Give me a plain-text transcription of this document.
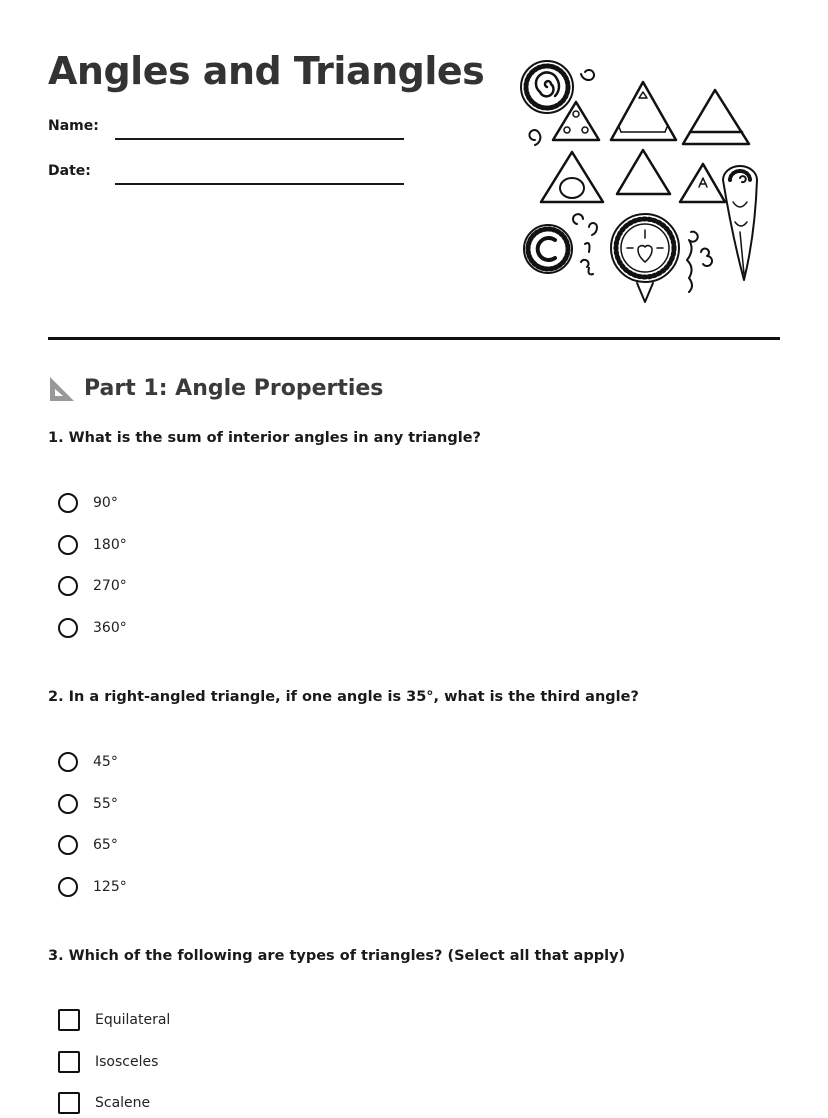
Angles and Triangles
Name:
Date:
Part 1: Angle Properties
1. What is the sum of interior angles in any triangle?
90°
180°
270°
360°
2. In a right-angled triangle, if one angle is 35°, what is the third angle?
45°
55°
65°
125°
3. Which of the following are types of triangles? (Select all that apply)
Equilateral
Isosceles
Scalene
